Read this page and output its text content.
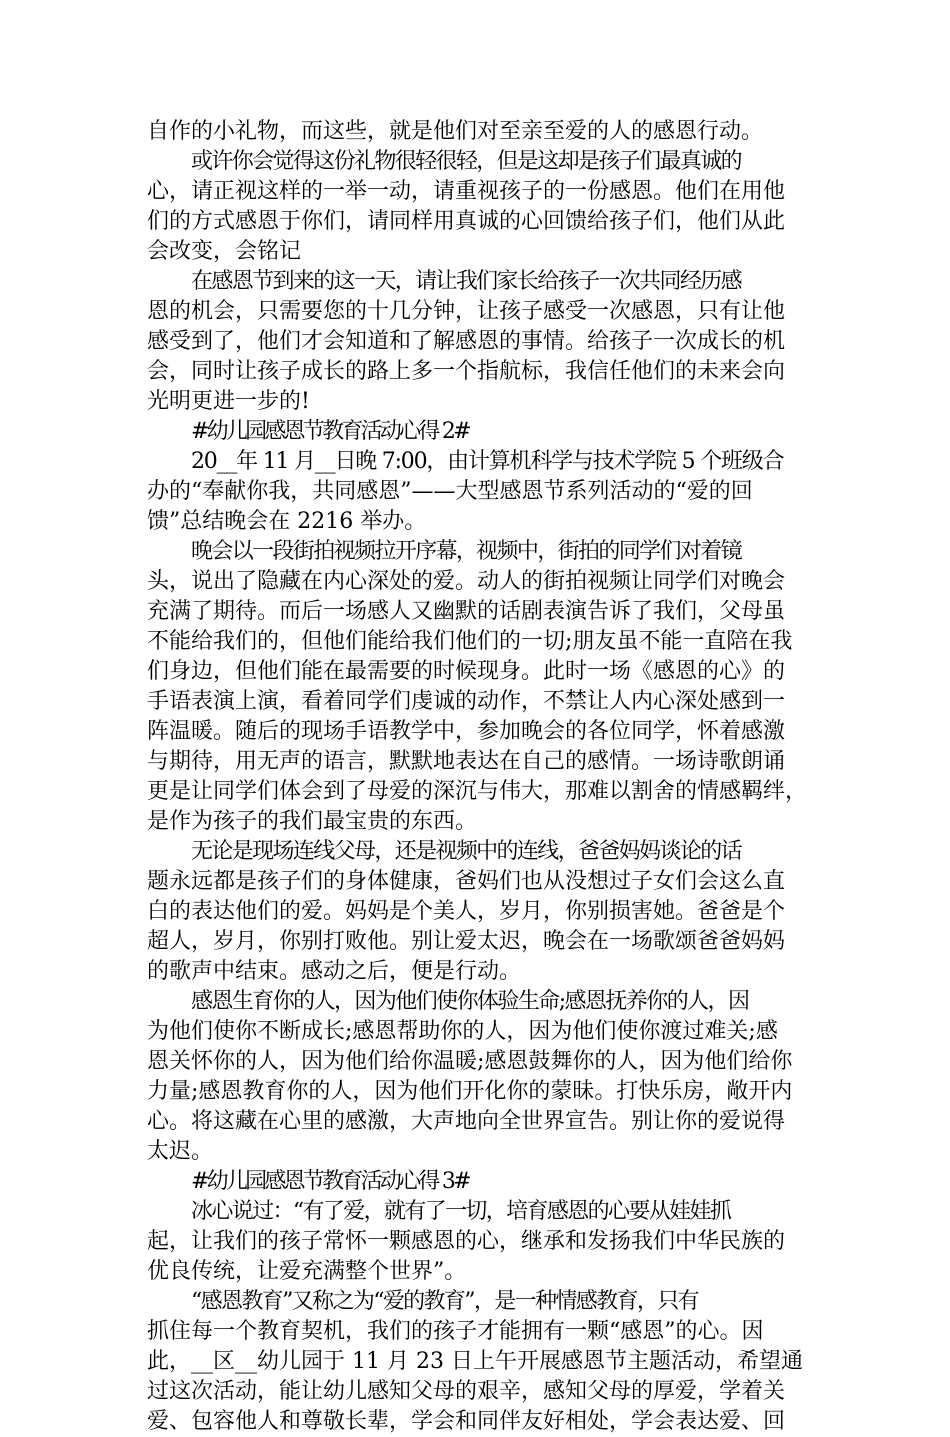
自作的小礼物，而这些，就是他们对至亲至爱的人的感恩行动。
或许你会觉得这份礼物很轻很轻，但是这却是孩子们最真诚的
心，请正视这样的一举一动，请重视孩子的一份感恩。他们在用他
们的方式感恩于你们，请同样用真诚的心回馈给孩子们，他们从此
会改变，会铭记
在感恩节到来的这一天，请让我们家长给孩子一次共同经历感
恩的机会，只需要您的十几分钟，让孩子感受一次感恩，只有让他
感受到了，他们才会知道和了解感恩的事情。给孩子一次成长的机
会，同时让孩子成长的路上多一个指航标，我信任他们的未来会向
光明更进一步的!
#幼儿园感恩节教育活动心得 2#
20__年 11 月__日晚 7:00，由计算机科学与技术学院 5 个班级合
办的“奉献你我，共同感恩”——大型感恩节系列活动的“爱的回
馈”总结晚会在 2216 举办。
晚会以一段街拍视频拉开序幕，视频中，街拍的同学们对着镜
头，说出了隐藏在内心深处的爱。动人的街拍视频让同学们对晚会
充满了期待。而后一场感人又幽默的话剧表演告诉了我们，父母虽
不能给我们的，但他们能给我们他们的一切;朋友虽不能一直陪在我
们身边，但他们能在最需要的时候现身。此时一场《感恩的心》的
手语表演上演，看着同学们虔诚的动作，不禁让人内心深处感到一
阵温暖。随后的现场手语教学中，参加晚会的各位同学，怀着感激
与期待，用无声的语言，默默地表达在自己的感情。一场诗歌朗诵
更是让同学们体会到了母爱的深沉与伟大，那难以割舍的情感羁绊，
是作为孩子的我们最宝贵的东西。
无论是现场连线父母，还是视频中的连线，爸爸妈妈谈论的话
题永远都是孩子们的身体健康，爸妈们也从没想过子女们会这么直
白的表达他们的爱。妈妈是个美人，岁月，你别损害她。爸爸是个
超人，岁月，你别打败他。别让爱太迟，晚会在一场歌颂爸爸妈妈
的歌声中结束。感动之后，便是行动。
感恩生育你的人，因为他们使你体验生命;感恩抚养你的人，因
为他们使你不断成长;感恩帮助你的人，因为他们使你渡过难关;感
恩关怀你的人，因为他们给你温暖;感恩鼓舞你的人，因为他们给你
力量;感恩教育你的人，因为他们开化你的蒙昧。打快乐房，敞开内
心。将这藏在心里的感激，大声地向全世界宣告。别让你的爱说得
太迟。
#幼儿园感恩节教育活动心得 3#
冰心说过：“有了爱，就有了一切，培育感恩的心要从娃娃抓
起，让我们的孩子常怀一颗感恩的心，继承和发扬我们中华民族的
优良传统，让爱充满整个世界”。
“感恩教育”又称之为“爱的教育”，是一种情感教育，只有
抓住每一个教育契机，我们的孩子才能拥有一颗“感恩”的心。因
此，__区__幼儿园于 11 月 23 日上午开展感恩节主题活动，希望通
过这次活动，能让幼儿感知父母的艰辛，感知父母的厚爱，学着关
爱、包容他人和尊敬长辈，学会和同伴友好相处，学会表达爱、回
